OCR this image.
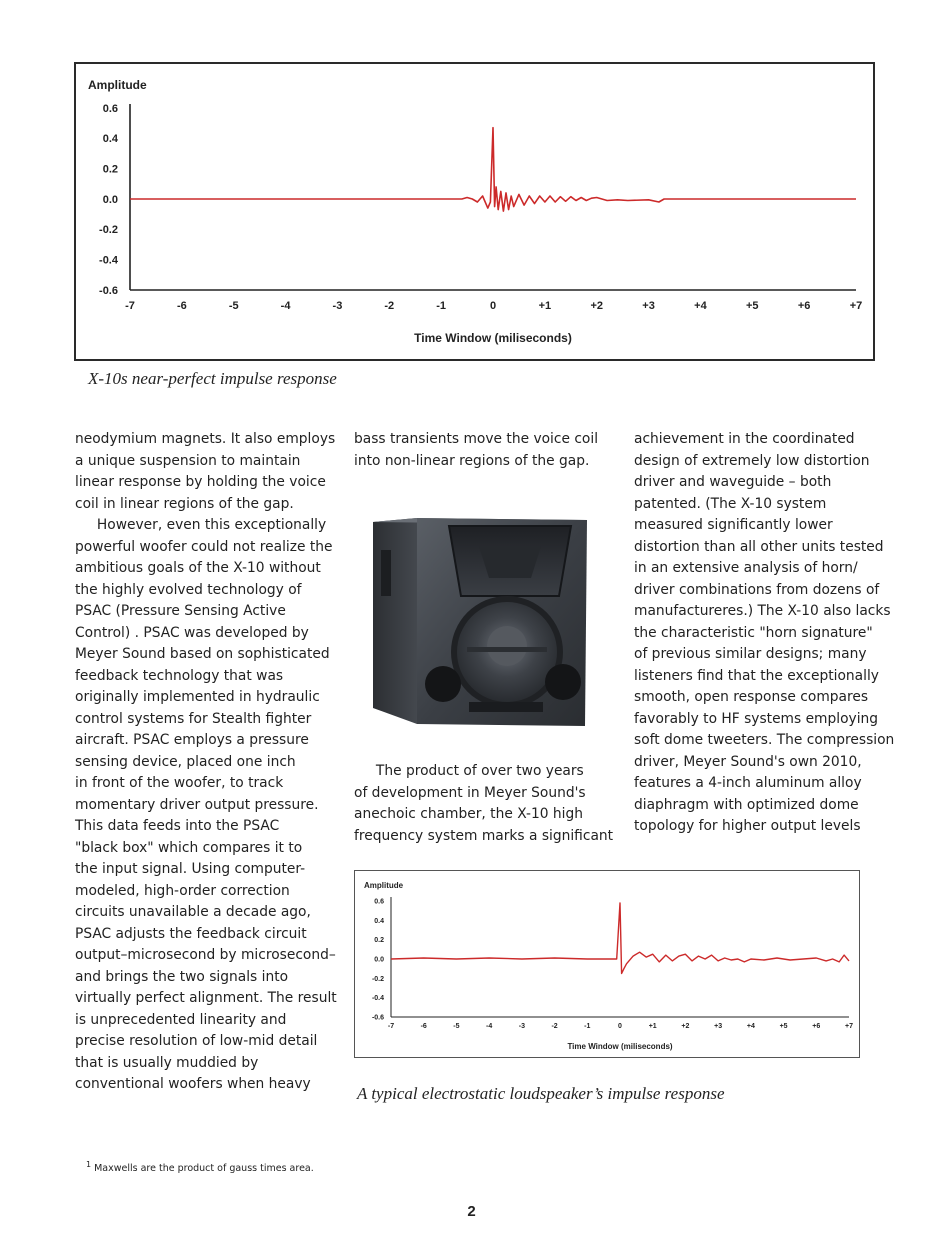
Amplitude
0.6
0.4
0.2
0.0
-0.2
-0.4
-0.6
-7	-6	-5	-4	-3	-2	-1	0	+1	+2	+3	+4	+5	+6	+7
Time Window (miliseconds)
X-10s near-perfect impulse response
neodymium magnets. It also employs
a unique suspension to maintain
linear response by holding the voice
coil in linear regions of the gap.
However, even this exceptionally
powerful woofer could not realize the
ambitious goals of the X-10 without
the highly evolved technology of
PSAC (Pressure Sensing Active
Control) . PSAC was developed by
Meyer Sound based on sophisticated
feedback technology that was
originally implemented in hydraulic
control systems for Stealth fighter
aircraft. PSAC employs a pressure
sensing device, placed one inch
in front of the woofer, to track
momentary driver output pressure.
This data feeds into the PSAC
"black box" which compares it to
the input signal. Using computer-
modeled, high-order correction
circuits unavailable a decade ago,
PSAC adjusts the feedback circuit
output–microsecond by microsecond–
and brings the two signals into
virtually perfect alignment. The result
is unprecedented linearity and
precise resolution of low-mid detail
that is usually muddied by
conventional woofers when heavy
bass transients move the voice coil
into non-linear regions of the gap.
The product of over two years
of development in Meyer Sound's
anechoic chamber, the X-10 high
frequency system marks a significant
achievement in the coordinated
design of extremely low distortion
driver and waveguide – both
patented. (The X-10 system
measured significantly lower
distortion than all other units tested
in an extensive analysis of horn/
driver combinations from dozens of
manufactureres.) The X-10 also lacks
the characteristic "horn signature"
of previous similar designs; many
listeners find that the exceptionally
smooth, open response compares
favorably to HF systems employing
soft dome tweeters. The compression
driver, Meyer Sound's own 2010,
features a 4-inch aluminum alloy
diaphragm with optimized dome
topology for higher output levels
Amplitude
0.6
0.4
0.2
0.0
-0.2
-0.4
-0.6
-7	-6	-5	-4	-3	-2	-1	0	+1	+2	+3	+4	+5	+6	+7
Time Window (miliseconds)
A typical electrostatic loudspeaker’s impulse response
$^1$ Maxwells are the product of gauss times area.
2
